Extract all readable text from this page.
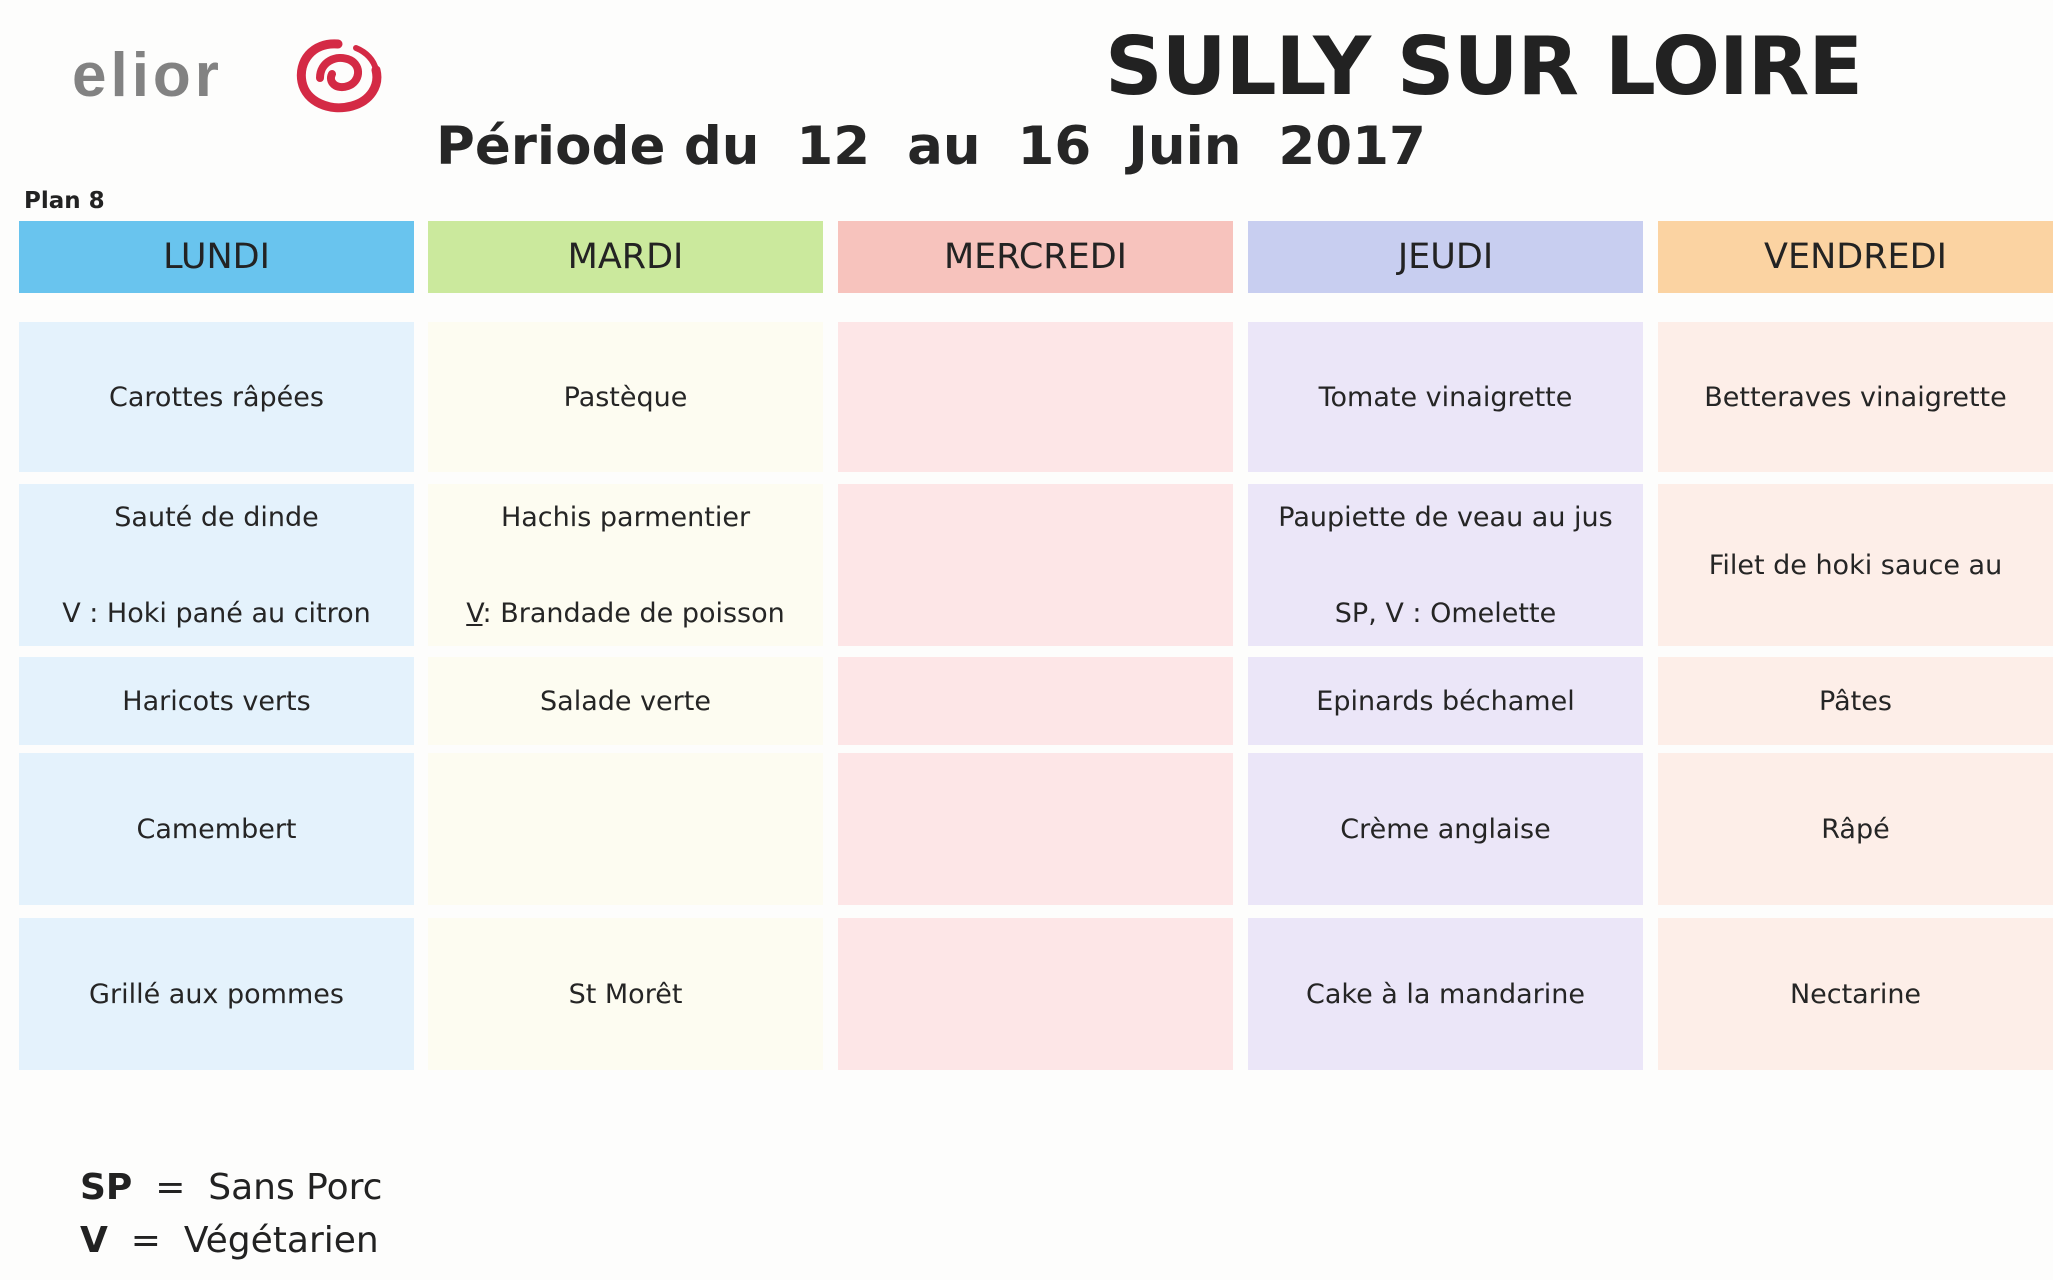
elior	SULLY SUR LOIRE
Période du  12  au  16  Juin  2017
Plan 8
LUNDI
Carottes râpées
Sauté de dinde
V : Hoki pané au citron
Haricots verts
Camembert
Grillé aux pommes
MARDI
Pastèque
Hachis parmentier
V: Brandade de poisson
Salade verte
St Morêt
MERCREDI	JEUDI
Tomate vinaigrette
Paupiette de veau au jus
SP, V : Omelette
Epinards béchamel
Crème anglaise
Cake à la mandarine
VENDREDI
Betteraves vinaigrette
Filet de hoki sauce au
Pâtes
Râpé
Nectarine
SP  =  Sans Porc
V  =  Végétarien
